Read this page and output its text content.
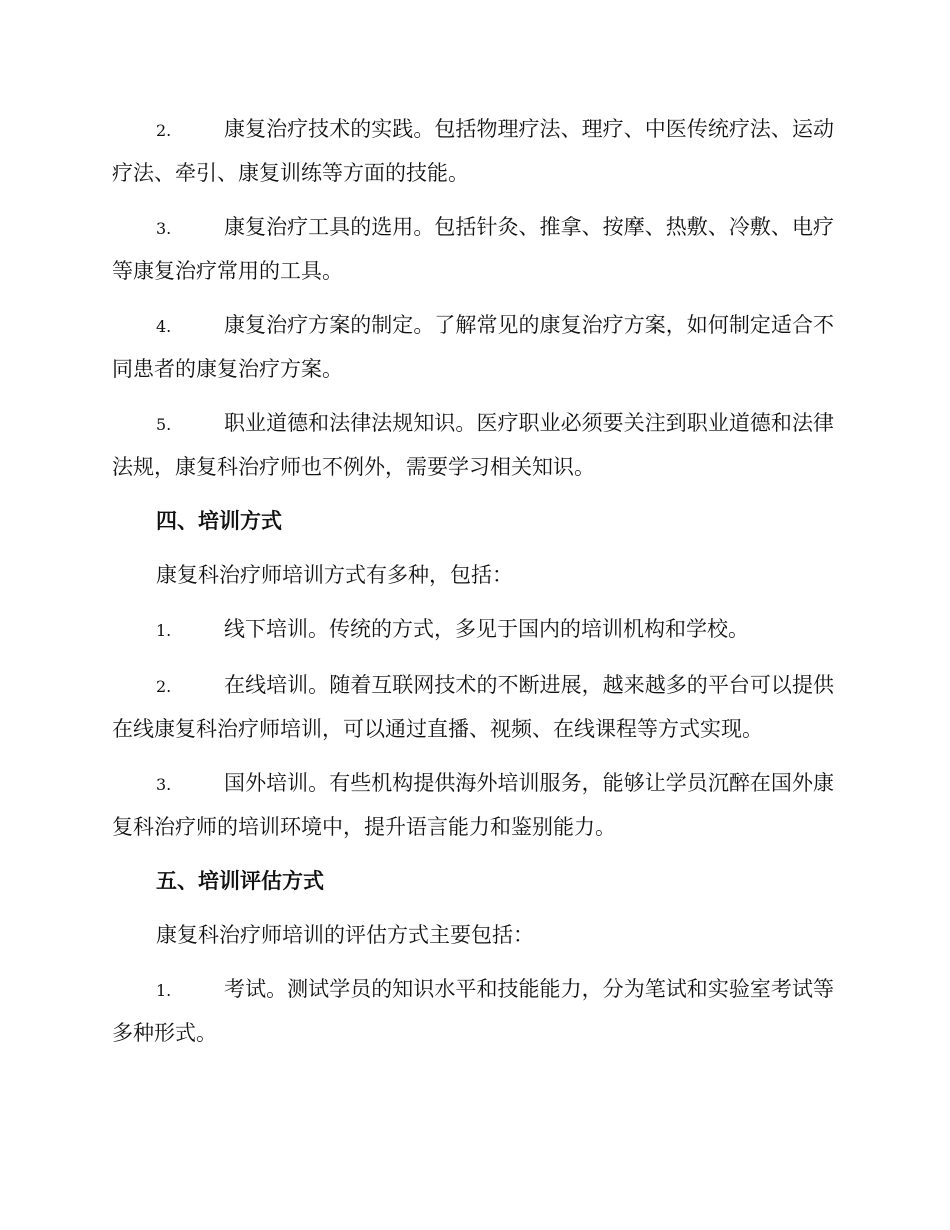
2.	康复治疗技术的实践。包括物理疗法、理疗、中医传统疗法、运动疗法、牵引、康复训练等方面的技能。

3.	康复治疗工具的选用。包括针灸、推拿、按摩、热敷、冷敷、电疗等康复治疗常用的工具。

4.	康复治疗方案的制定。了解常见的康复治疗方案，如何制定适合不同患者的康复治疗方案。

5.	职业道德和法律法规知识。医疗职业必须要关注到职业道德和法律法规，康复科治疗师也不例外，需要学习相关知识。

四、培训方式

康复科治疗师培训方式有多种，包括：

1.	线下培训。传统的方式，多见于国内的培训机构和学校。

2.	在线培训。随着互联网技术的不断进展，越来越多的平台可以提供在线康复科治疗师培训，可以通过直播、视频、在线课程等方式实现。

3.	国外培训。有些机构提供海外培训服务，能够让学员沉醉在国外康复科治疗师的培训环境中，提升语言能力和鉴别能力。

五、培训评估方式

康复科治疗师培训的评估方式主要包括：

1.	考试。测试学员的知识水平和技能能力，分为笔试和实验室考试等多种形式。
